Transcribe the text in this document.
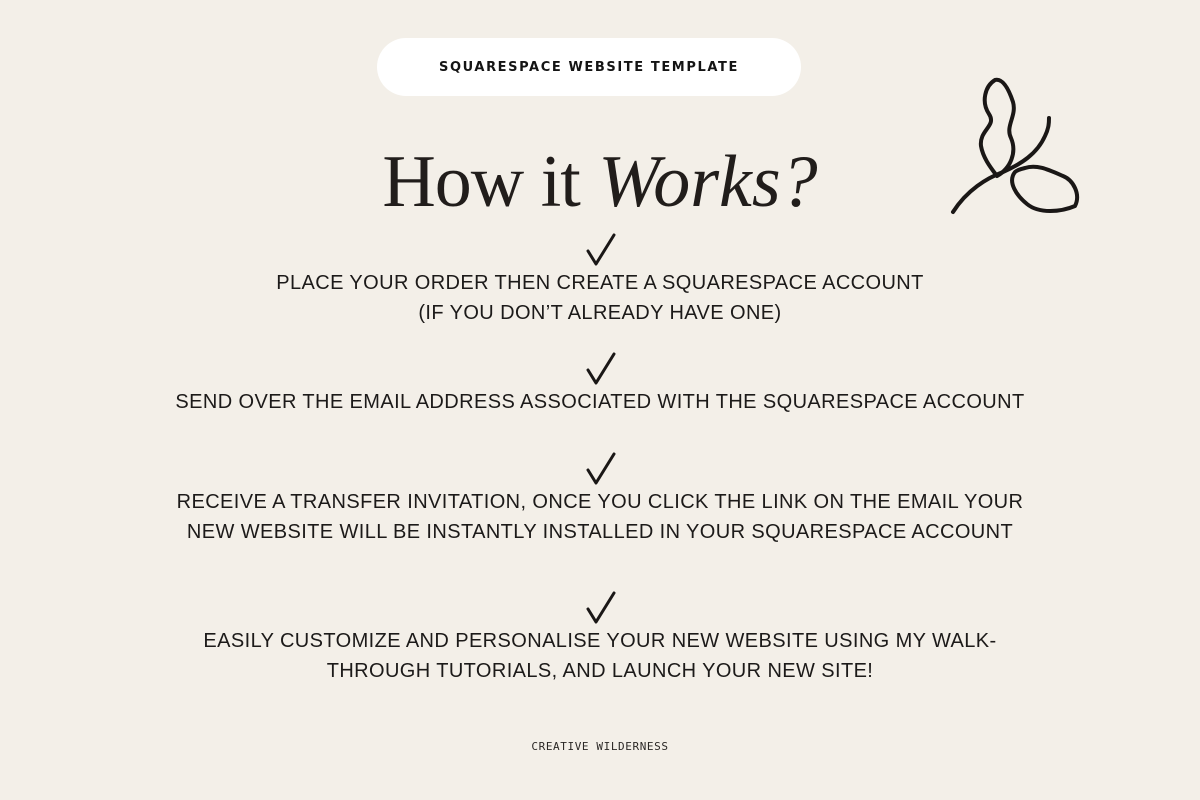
SQUARESPACE WEBSITE TEMPLATE
How it Works?
PLACE YOUR ORDER THEN CREATE A SQUARESPACE ACCOUNT
(IF YOU DON’T ALREADY HAVE ONE)
SEND OVER THE EMAIL ADDRESS ASSOCIATED WITH THE SQUARESPACE ACCOUNT
RECEIVE A TRANSFER INVITATION, ONCE YOU CLICK THE LINK ON THE EMAIL YOUR
NEW WEBSITE WILL BE INSTANTLY INSTALLED IN YOUR SQUARESPACE ACCOUNT
EASILY CUSTOMIZE AND PERSONALISE YOUR NEW WEBSITE USING MY WALK-
THROUGH TUTORIALS, AND LAUNCH YOUR NEW SITE!
CREATIVE WILDERNESS
